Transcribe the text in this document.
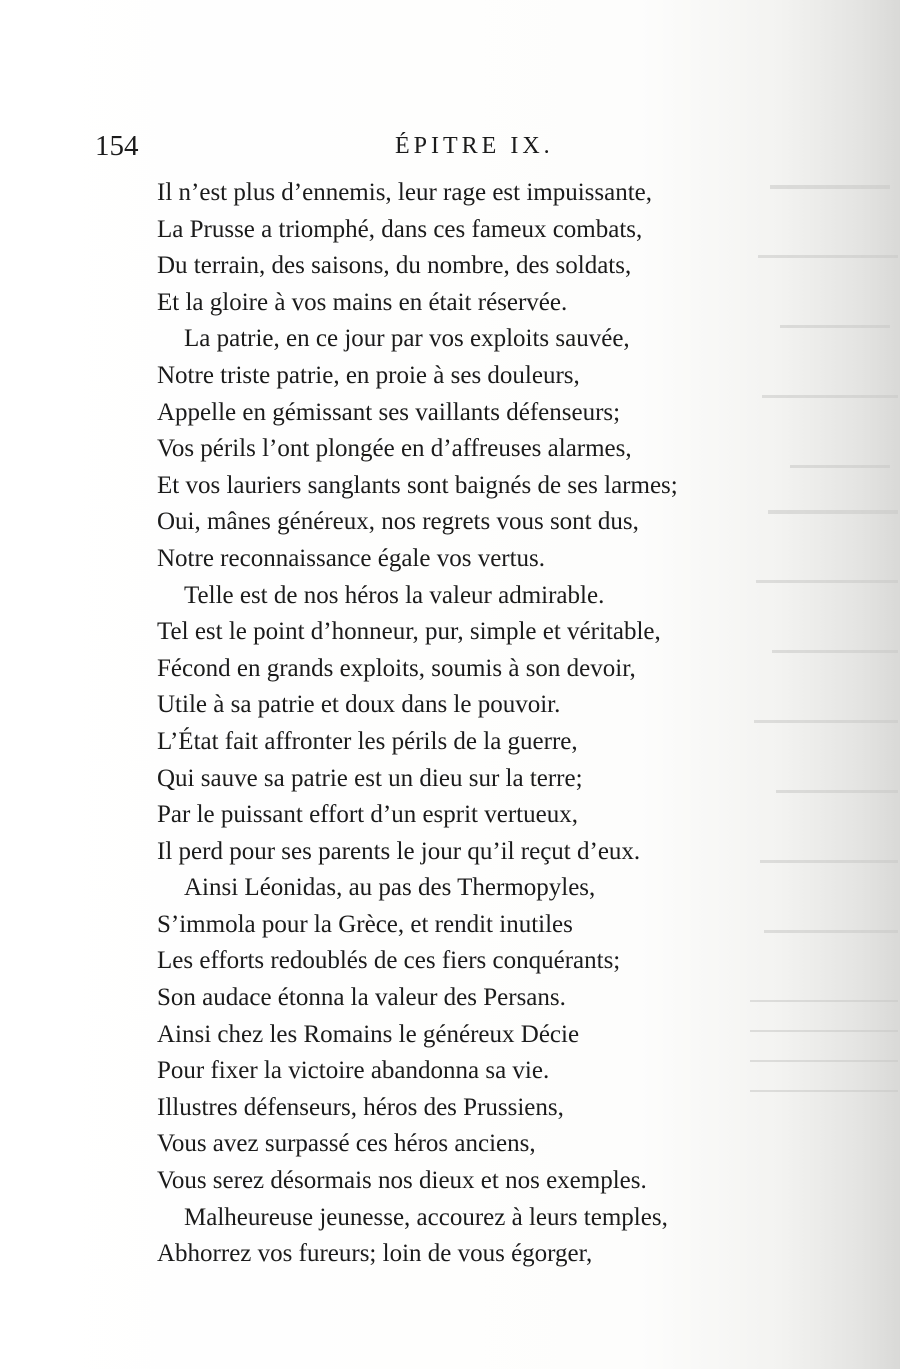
154	ÉPITRE IX.
Il n’est plus d’ennemis, leur rage est impuissante,
La Prusse a triomphé, dans ces fameux combats,
Du terrain, des saisons, du nombre, des soldats,
Et la gloire à vos mains en était réservée.
La patrie, en ce jour par vos exploits sauvée,
Notre triste patrie, en proie à ses douleurs,
Appelle en gémissant ses vaillants défenseurs;
Vos périls l’ont plongée en d’affreuses alarmes,
Et vos lauriers sanglants sont baignés de ses larmes;
Oui, mânes généreux, nos regrets vous sont dus,
Notre reconnaissance égale vos vertus.
Telle est de nos héros la valeur admirable.
Tel est le point d’honneur, pur, simple et véritable,
Fécond en grands exploits, soumis à son devoir,
Utile à sa patrie et doux dans le pouvoir.
L’État fait affronter les périls de la guerre,
Qui sauve sa patrie est un dieu sur la terre;
Par le puissant effort d’un esprit vertueux,
Il perd pour ses parents le jour qu’il reçut d’eux.
Ainsi Léonidas, au pas des Thermopyles,
S’immola pour la Grèce, et rendit inutiles
Les efforts redoublés de ces fiers conquérants;
Son audace étonna la valeur des Persans.
Ainsi chez les Romains le généreux Décie
Pour fixer la victoire abandonna sa vie.
Illustres défenseurs, héros des Prussiens,
Vous avez surpassé ces héros anciens,
Vous serez désormais nos dieux et nos exemples.
Malheureuse jeunesse, accourez à leurs temples,
Abhorrez vos fureurs; loin de vous égorger,
